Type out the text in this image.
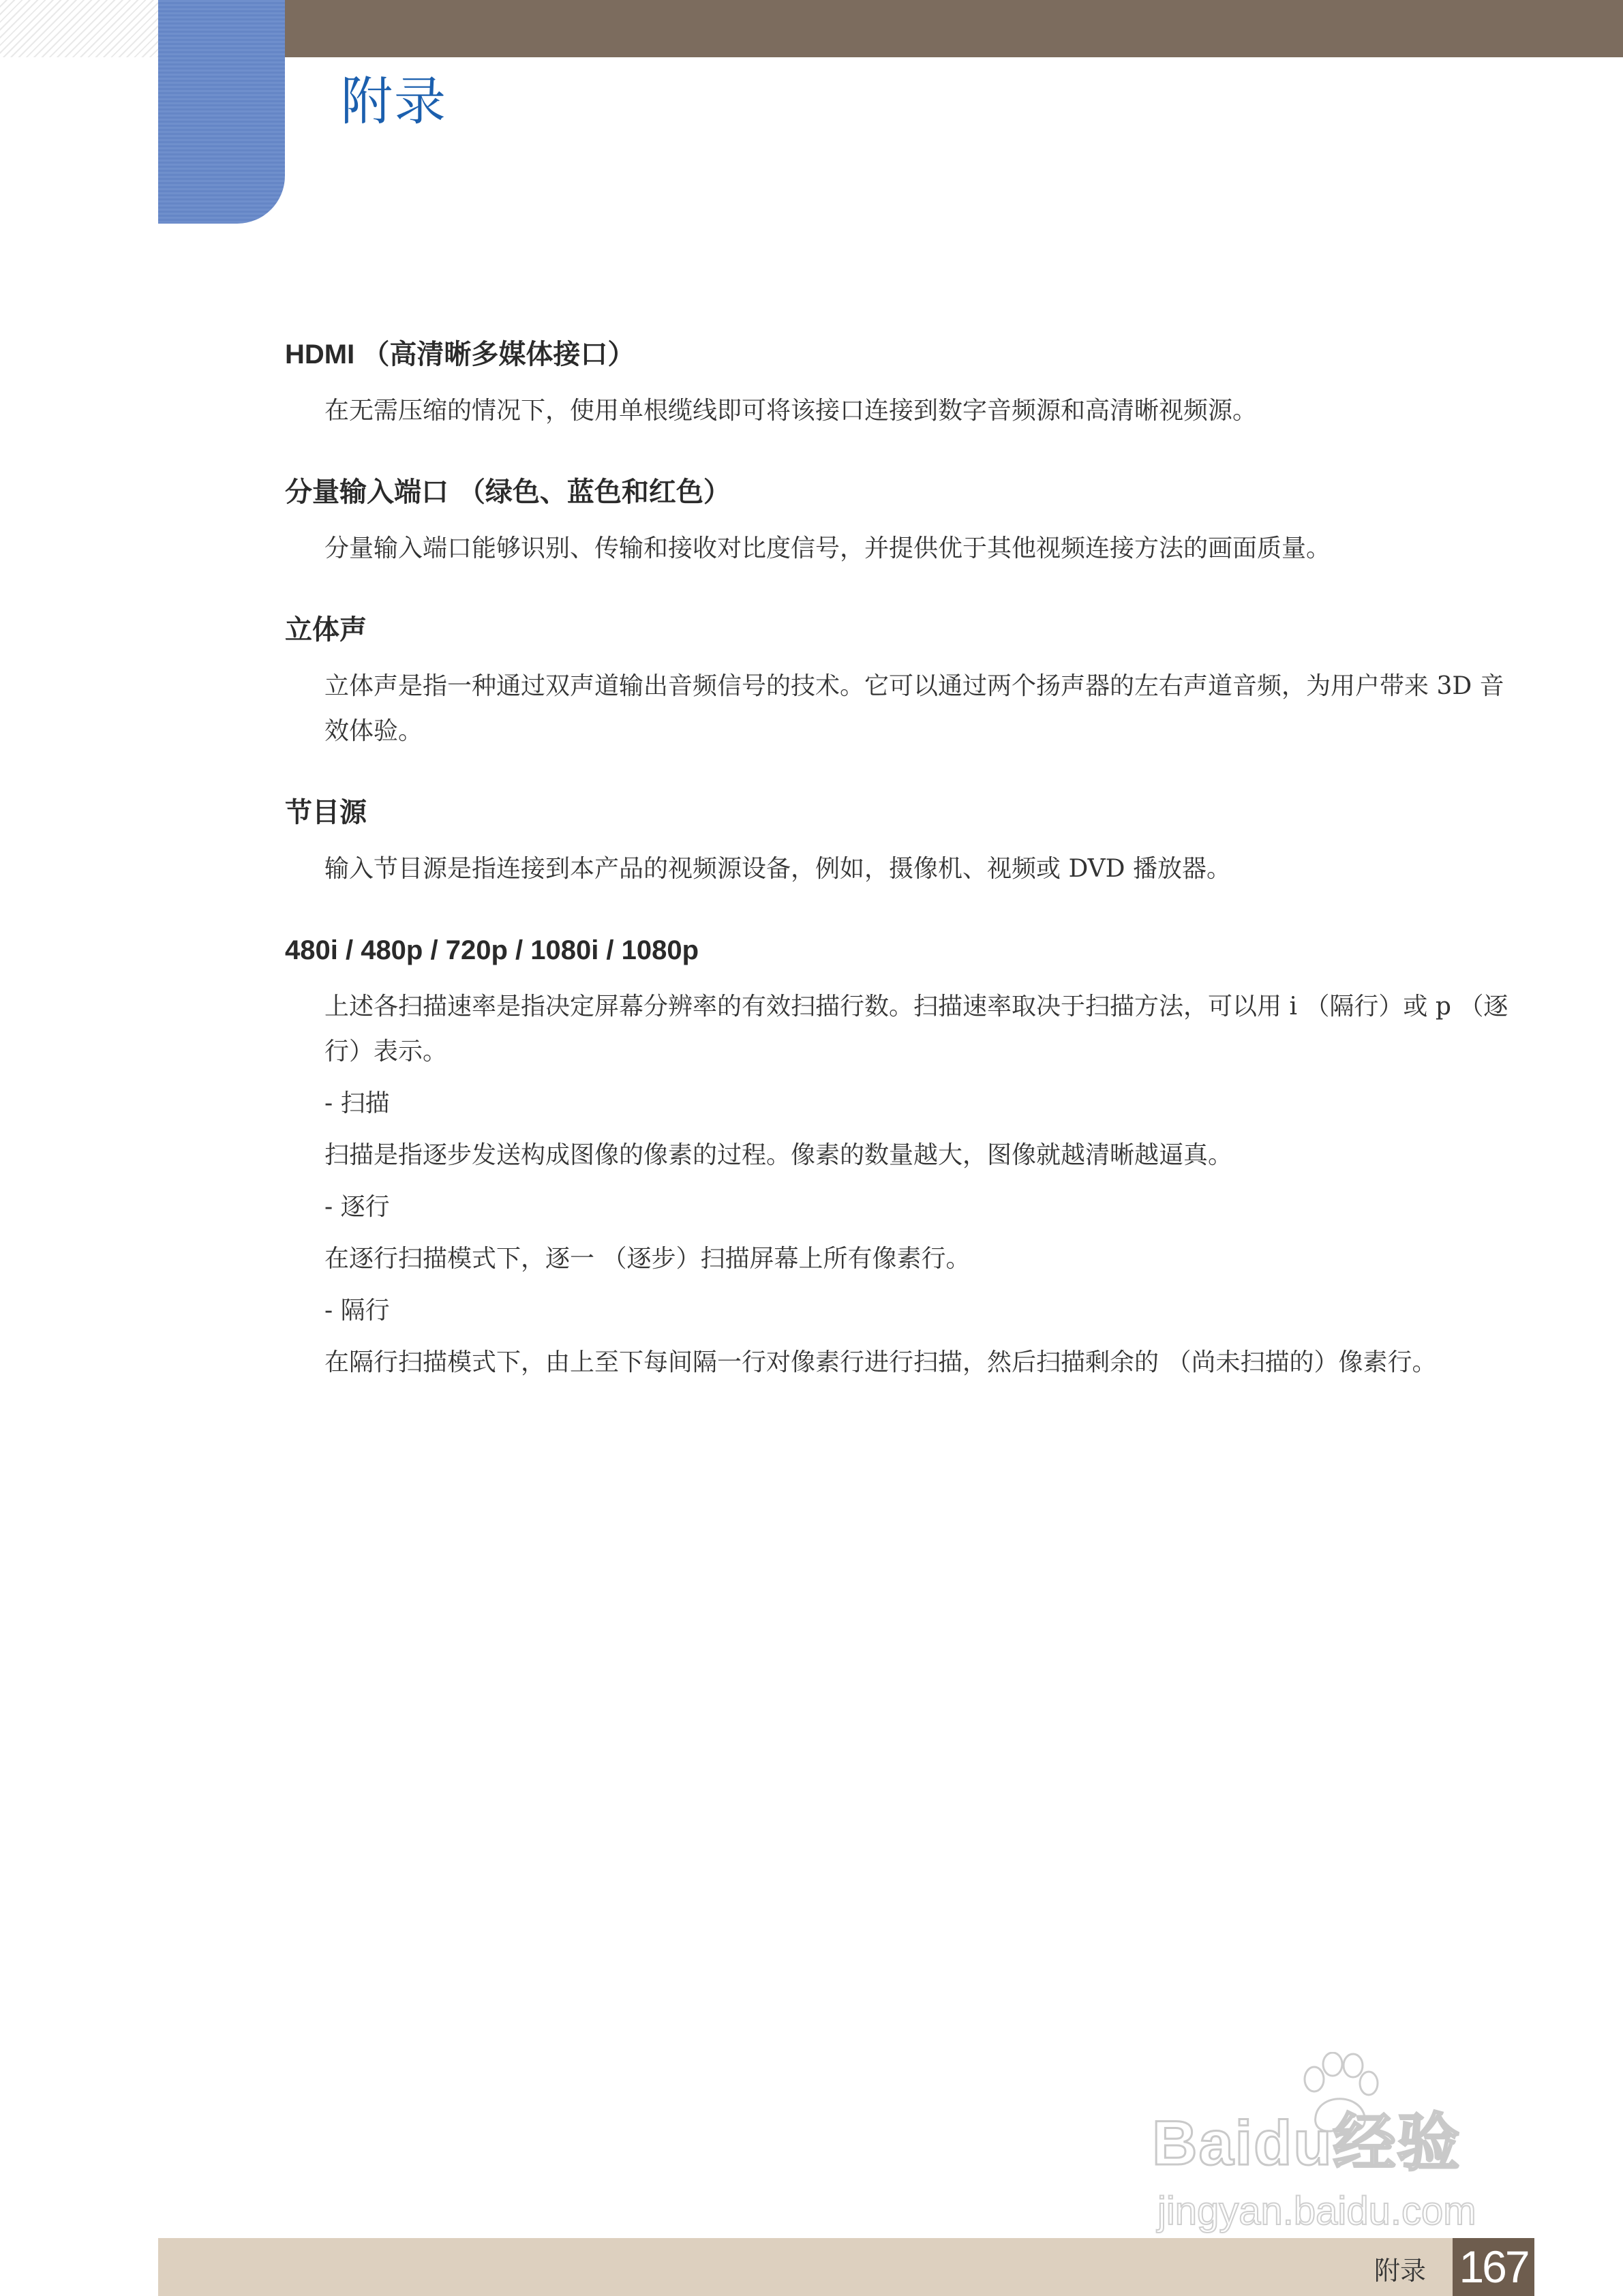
附录
HDMI （高清晰多媒体接口）

在无需压缩的情况下，使用单根缆线即可将该接口连接到数字音频源和高清晰视频源。

分量输入端口 （绿色、蓝色和红色）

分量输入端口能够识别、传输和接收对比度信号，并提供优于其他视频连接方法的画面质量。

立体声

立体声是指一种通过双声道输出音频信号的技术。它可以通过两个扬声器的左右声道音频，为用户带来 3D 音效体验。

节目源

输入节目源是指连接到本产品的视频源设备，例如，摄像机、视频或 DVD 播放器。

480i / 480p / 720p / 1080i / 1080p

上述各扫描速率是指决定屏幕分辨率的有效扫描行数。扫描速率取决于扫描方法，可以用 i （隔行）或 p （逐行）表示。

- 扫描

扫描是指逐步发送构成图像的像素的过程。像素的数量越大，图像就越清晰越逼真。

- 逐行

在逐行扫描模式下，逐一 （逐步）扫描屏幕上所有像素行。

- 隔行

在隔行扫描模式下，由上至下每间隔一行对像素行进行扫描，然后扫描剩余的 （尚未扫描的）像素行。

Baidu经验
jingyan.baidu.com
附录 167
